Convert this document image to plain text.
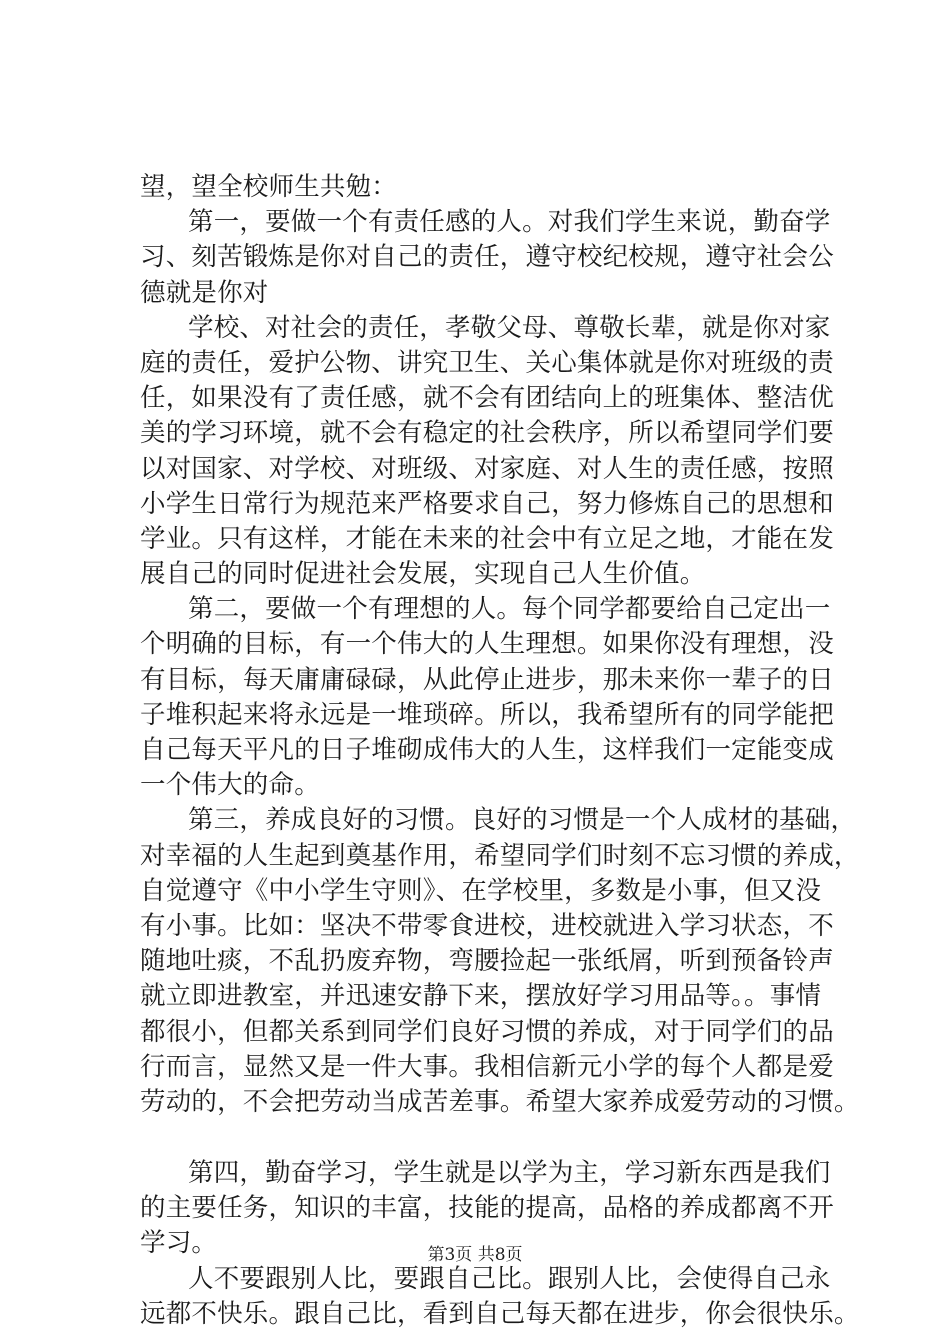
望，望全校师生共勉：
第一，要做一个有责任感的人。对我们学生来说，勤奋学
习、刻苦锻炼是你对自己的责任，遵守校纪校规，遵守社会公
德就是你对
学校、对社会的责任，孝敬父母、尊敬长辈，就是你对家
庭的责任，爱护公物、讲究卫生、关心集体就是你对班级的责
任，如果没有了责任感，就不会有团结向上的班集体、整洁优
美的学习环境，就不会有稳定的社会秩序，所以希望同学们要
以对国家、对学校、对班级、对家庭、对人生的责任感，按照
小学生日常行为规范来严格要求自己，努力修炼自己的思想和
学业。只有这样，才能在未来的社会中有立足之地，才能在发
展自己的同时促进社会发展，实现自己人生价值。
第二，要做一个有理想的人。每个同学都要给自己定出一
个明确的目标，有一个伟大的人生理想。如果你没有理想，没
有目标，每天庸庸碌碌，从此停止进步，那未来你一辈子的日
子堆积起来将永远是一堆琐碎。所以，我希望所有的同学能把
自己每天平凡的日子堆砌成伟大的人生，这样我们一定能变成
一个伟大的命。
第三，养成良好的习惯。良好的习惯是一个人成材的基础，
对幸福的人生起到奠基作用，希望同学们时刻不忘习惯的养成，
自觉遵守《中小学生守则》、在学校里，多数是小事，但又没
有小事。比如：坚决不带零食进校，进校就进入学习状态，不
随地吐痰，不乱扔废弃物，弯腰捡起一张纸屑，听到预备铃声
就立即进教室，并迅速安静下来，摆放好学习用品等。。事情
都很小，但都关系到同学们良好习惯的养成，对于同学们的品
行而言，显然又是一件大事。我相信新元小学的每个人都是爱
劳动的，不会把劳动当成苦差事。希望大家养成爱劳动的习惯。
第四，勤奋学习，学生就是以学为主，学习新东西是我们
的主要任务，知识的丰富，技能的提高，品格的养成都离不开
学习。
人不要跟别人比，要跟自己比。跟别人比，会使得自己永
远都不快乐。跟自己比，看到自己每天都在进步，你会很快乐。
第3页 共8页
